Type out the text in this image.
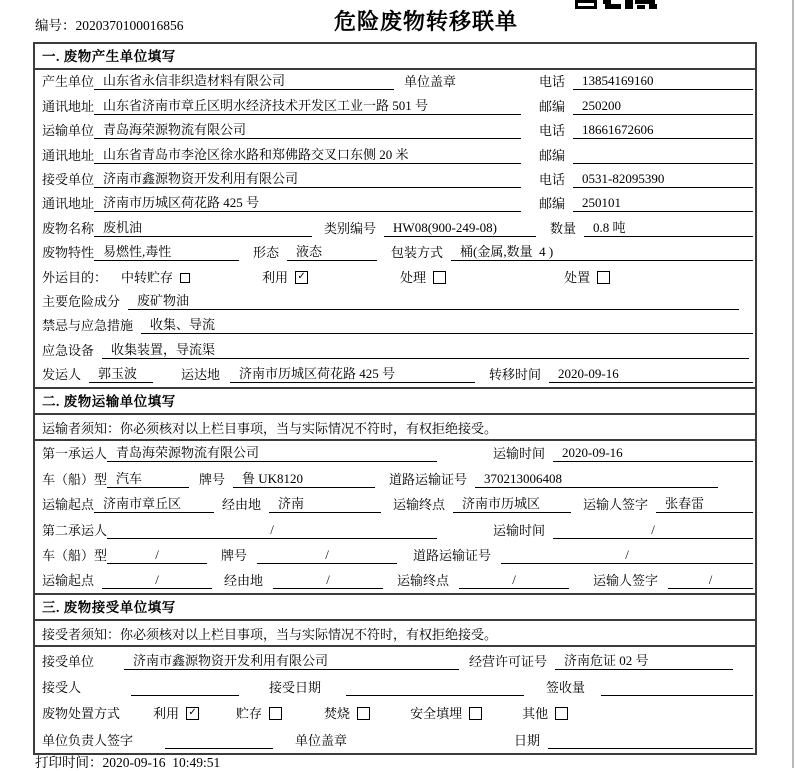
编号：2020370100016856	危险废物转移联单
一. 废物产生单位填写
产生单位 山东省永信非织造材料有限公司	单位盖章	电话	13854169160
通讯地址 山东省济南市章丘区明水经济技术开发区工业一路 501 号	邮编	250200
运输单位 青岛海荣源物流有限公司	电话	18661672606
通讯地址 山东省青岛市李沧区徐水路和郑佛路交叉口东侧 20 米	邮编
接受单位 济南市鑫源物资开发利用有限公司	电话	0531-82095390
通讯地址 济南市历城区荷花路 425 号	邮编	250101
废物名称 废机油	类别编号	HW08(900-249-08)	数量	0.8 吨
废物特性 易燃性,毒性	形态	液态	包装方式	桶(金属,数量  4 )
外运目的： 中转贮存	利用 ✓	处理	处置
主要危险成分	废矿物油
禁忌与应急措施	收集、导流
应急设备	收集装置，导流渠
发运人	郭玉波	运达地	济南市历城区荷花路 425 号	转移时间	2020-09-16
二. 废物运输单位填写
运输者须知： 你必须核对以上栏目事项，当与实际情况不符时，有权拒绝接受。
第一承运人 青岛海荣源物流有限公司	运输时间	2020-09-16
车（船）型 汽车	牌号	鲁 UK8120	道路运输证号	370213006408
运输起点 济南市章丘区	经由地	济南	运输终点	济南市历城区	运输人签字	张春雷
第二承运人	/	运输时间	/
车（船）型	/	牌号	/	道路运输证号	/
运输起点	/	经由地	/	运输终点	/	运输人签字	/
三. 废物接受单位填写
接受者须知： 你必须核对以上栏目事项，当与实际情况不符时，有权拒绝接受。
接受单位	济南市鑫源物资开发利用有限公司	经营许可证号	济南危证 02 号
接受人	接受日期	签收量
废物处置方式	利用 ✓	贮存	焚烧	安全填埋	其他
单位负责人签字	单位盖章	日期
打印时间：2020-09-16  10:49:51
